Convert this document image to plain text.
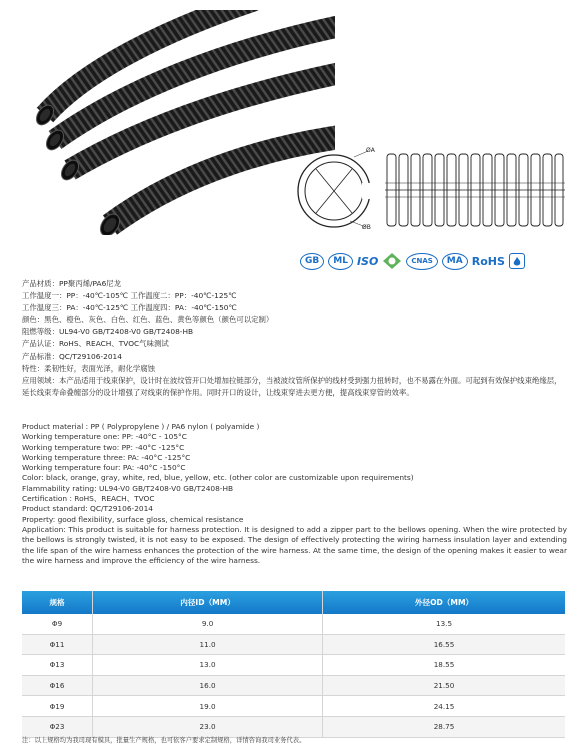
ØA
ØB
GB	ML ISO	CNAS	MA RoHS
产品材质：PP聚丙烯/PA6尼龙
工作温度一：PP：-40℃-105℃ 工作温度二：PP：-40℃-125℃
工作温度三：PA：-40℃-125℃ 工作温度四：PA：-40℃-150℃
颜色：黑色、橙色、灰色、白色、红色、蓝色、黄色等颜色（颜色可以定制）
阻燃等级：UL94-V0 GB/T2408-V0 GB/T2408-HB
产品认证：RoHS、REACH、TVOC气味测试
产品标准：QC/T29106-2014
特性：柔韧性好，表面光泽，耐化学腐蚀
应用领域：本产品适用于线束保护，设计时在波纹管开口处增加拉链部分，当被波纹管所保护的线材受到强力扭转时，也不易露在外面。可起到有效保护线束绝缘层，延长线束寿命叠缠部分的设计增强了对线束的保护作用。同时开口的设计，让线束穿进去更方便，提高线束穿管的效率。
Product material : PP ( Polypropylene ) / PA6 nylon ( polyamide )
Working temperature one: PP: -40°C - 105°C
Working temperature two: PP: -40°C -125°C
Working temperature three: PA: -40°C -125°C
Working temperature four: PA: -40°C -150°C
Color: black, orange, gray, white, red, blue, yellow, etc. (other color are customizable upon requirements)
Flammability rating: UL94-V0 GB/T2408-V0 GB/T2408-HB
Certification : RoHS、REACH、TVOC
Product standard: QC/T29106-2014
Property: good flexibility, surface gloss, chemical resistance
Application: This product is suitable for harness protection. It is designed to add a zipper part to the bellows opening. When the wire protected by the bellows is strongly twisted, it is not easy to be exposed. The design of effectively protecting the wiring harness insulation layer and extending the life span of the wire harness enhances the protection of the wire harness. At the same time, the design of the opening makes it easier to wear the wire harness and improve the efficiency of the wire harness.
规格	内径ID（MM）	外径OD（MM）
Φ9	9.0	13.5
Φ11	11.0	16.55
Φ13	13.0	18.55
Φ16	16.0	21.50
Φ19	19.0	24.15
Φ23	23.0	28.75
注：以上规格均为我司现有模具，批量生产规格，也可依客户要求定制规格，详情咨询我司业务代表。
